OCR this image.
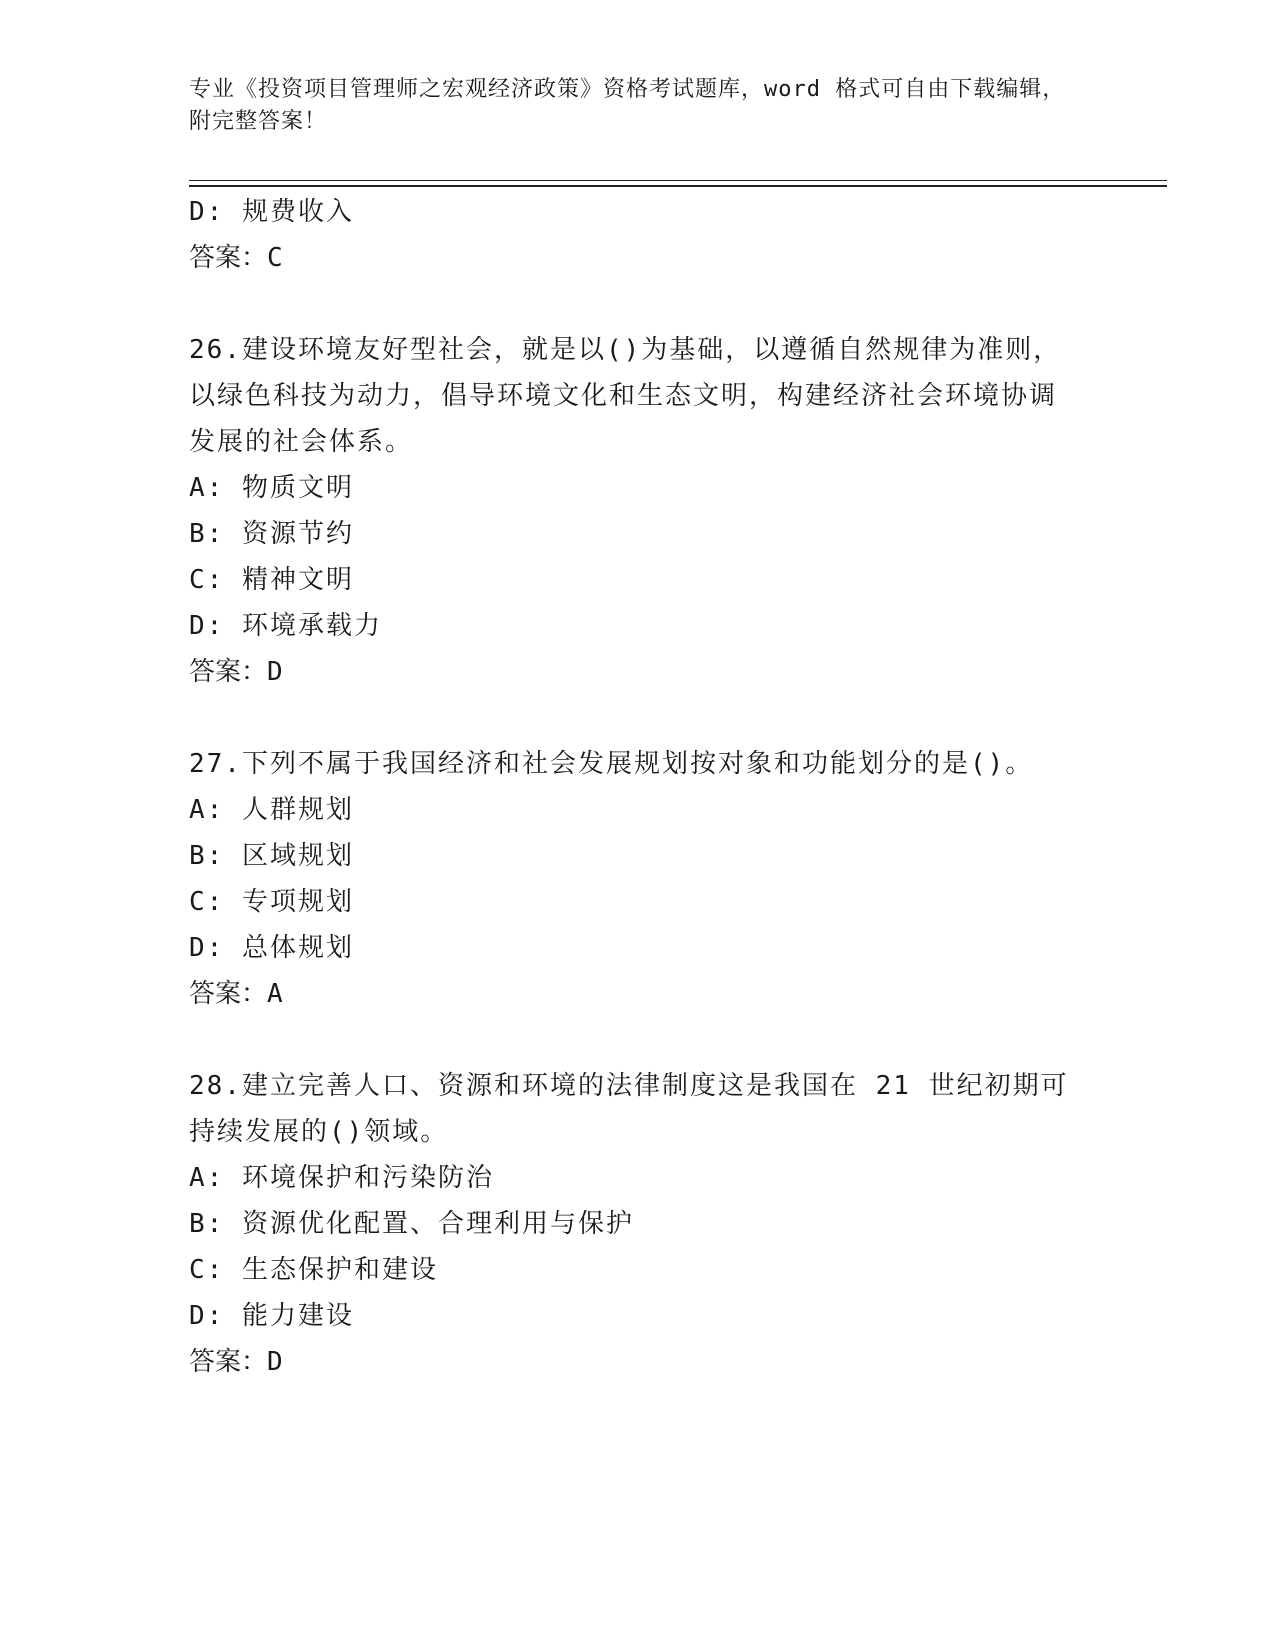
专业《投资项目管理师之宏观经济政策》资格考试题库，word 格式可自由下载编辑，附完整答案！
D: 规费收入
答案：C
26.建设环境友好型社会，就是以()为基础，以遵循自然规律为准则，以绿色科技为动力，倡导环境文化和生态文明，构建经济社会环境协调发展的社会体系。
A: 物质文明
B: 资源节约
C: 精神文明
D: 环境承载力
答案：D
27.下列不属于我国经济和社会发展规划按对象和功能划分的是()。
A: 人群规划
B: 区域规划
C: 专项规划
D: 总体规划
答案：A
28.建立完善人口、资源和环境的法律制度这是我国在 21 世纪初期可持续发展的()领域。
A: 环境保护和污染防治
B: 资源优化配置、合理利用与保护
C: 生态保护和建设
D: 能力建设
答案：D
